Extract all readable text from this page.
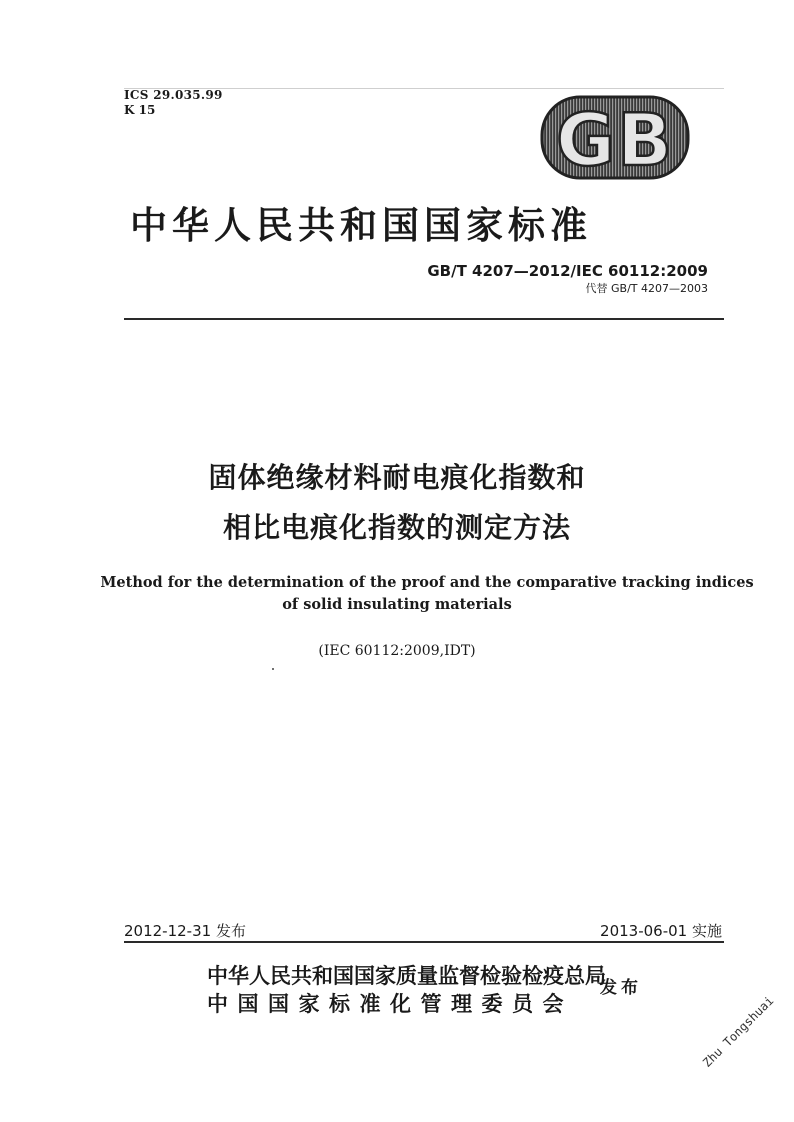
ICS 29.035.99
K 15	GB
中华人民共和国国家标准
GB/T 4207—2012/IEC 60112:2009
代替 GB/T 4207—2003
固体绝缘材料耐电痕化指数和
相比电痕化指数的测定方法
Method for the determination of the proof and the comparative tracking indices
of solid insulating materials
(IEC 60112:2009,IDT)
2012-12-31 发布	2013-06-01 实施
中华人民共和国国家质量监督检验检疫总局
中国国家标准化管理委员会
发布
Zhu Tongshuai
